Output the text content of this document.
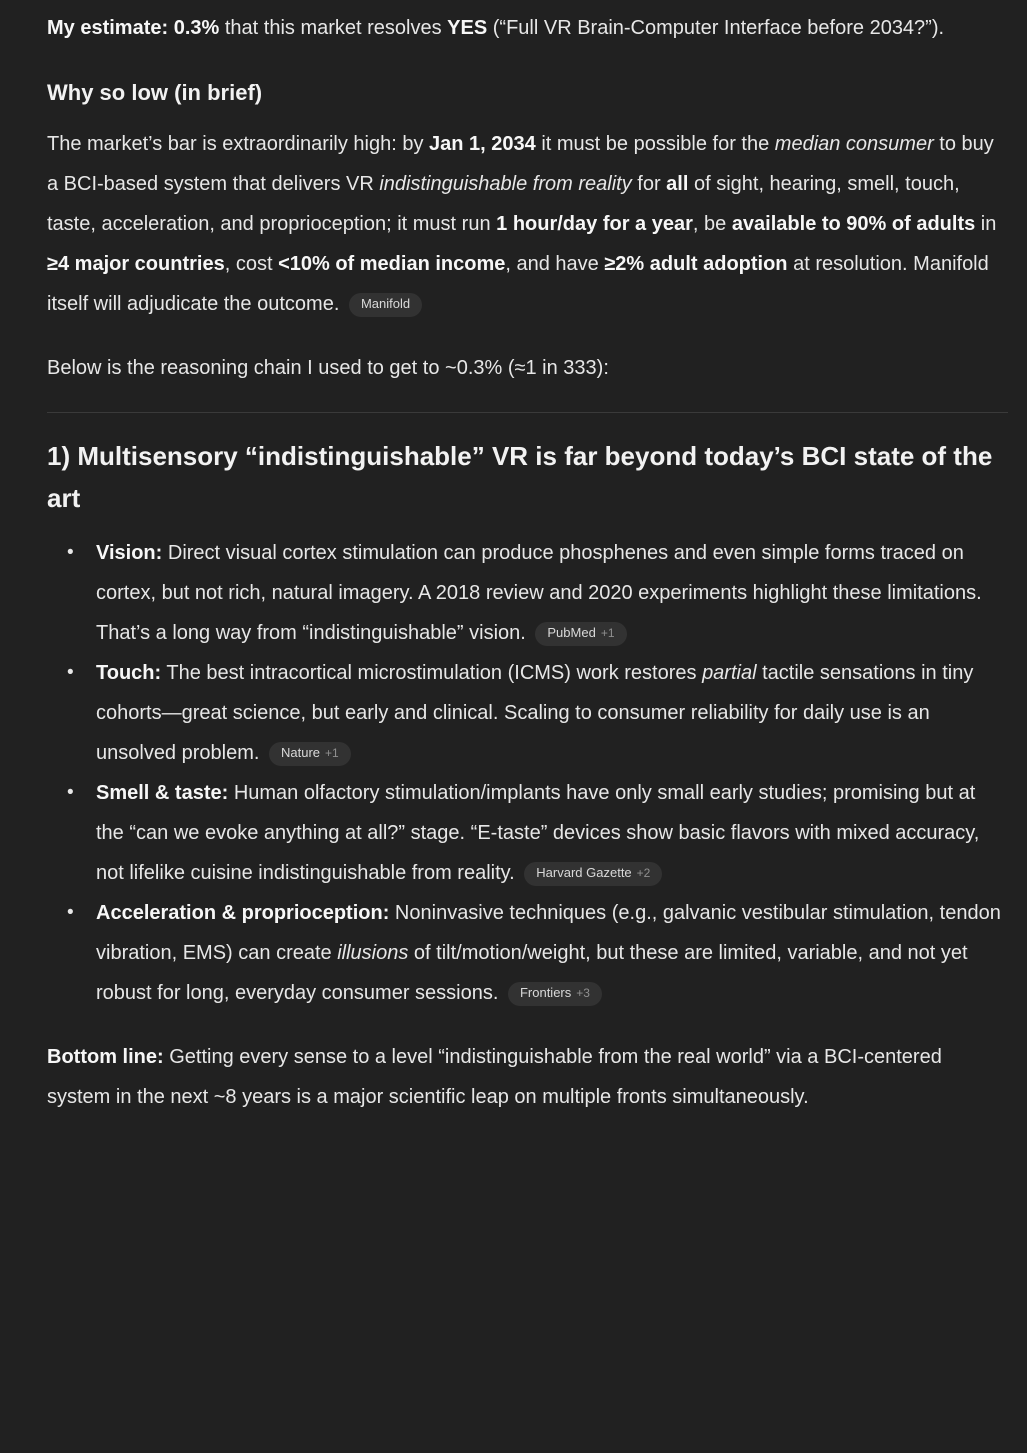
My estimate: 0.3% that this market resolves YES (“Full VR Brain-Computer Interface before 2034?”).

Why so low (in brief)

The market’s bar is extraordinarily high: by Jan 1, 2034 it must be possible for the median consumer to buy a BCI-based system that delivers VR indistinguishable from reality for all of sight, hearing, smell, touch, taste, acceleration, and proprioception; it must run 1 hour/day for a year, be available to 90% of adults in ≥4 major countries, cost <10% of median income, and have ≥2% adult adoption at resolution. Manifold itself will adjudicate the outcome. Manifold

Below is the reasoning chain I used to get to ~0.3% (≈1 in 333):

1) Multisensory “indistinguishable” VR is far beyond today’s BCI state of the art
• Vision: Direct visual cortex stimulation can produce phosphenes and even simple forms traced on cortex, but not rich, natural imagery. A 2018 review and 2020 experiments highlight these limitations. That’s a long way from “indistinguishable” vision. PubMed +1
• Touch: The best intracortical microstimulation (ICMS) work restores partial tactile sensations in tiny cohorts—great science, but early and clinical. Scaling to consumer reliability for daily use is an unsolved problem. Nature +1
• Smell & taste: Human olfactory stimulation/implants have only small early studies; promising but at the “can we evoke anything at all?” stage. “E-taste” devices show basic flavors with mixed accuracy, not lifelike cuisine indistinguishable from reality. Harvard Gazette +2
• Acceleration & proprioception: Noninvasive techniques (e.g., galvanic vestibular stimulation, tendon vibration, EMS) can create illusions of tilt/motion/weight, but these are limited, variable, and not yet robust for long, everyday consumer sessions. Frontiers +3

Bottom line: Getting every sense to a level “indistinguishable from the real world” via a BCI-centered system in the next ~8 years is a major scientific leap on multiple fronts simultaneously.
